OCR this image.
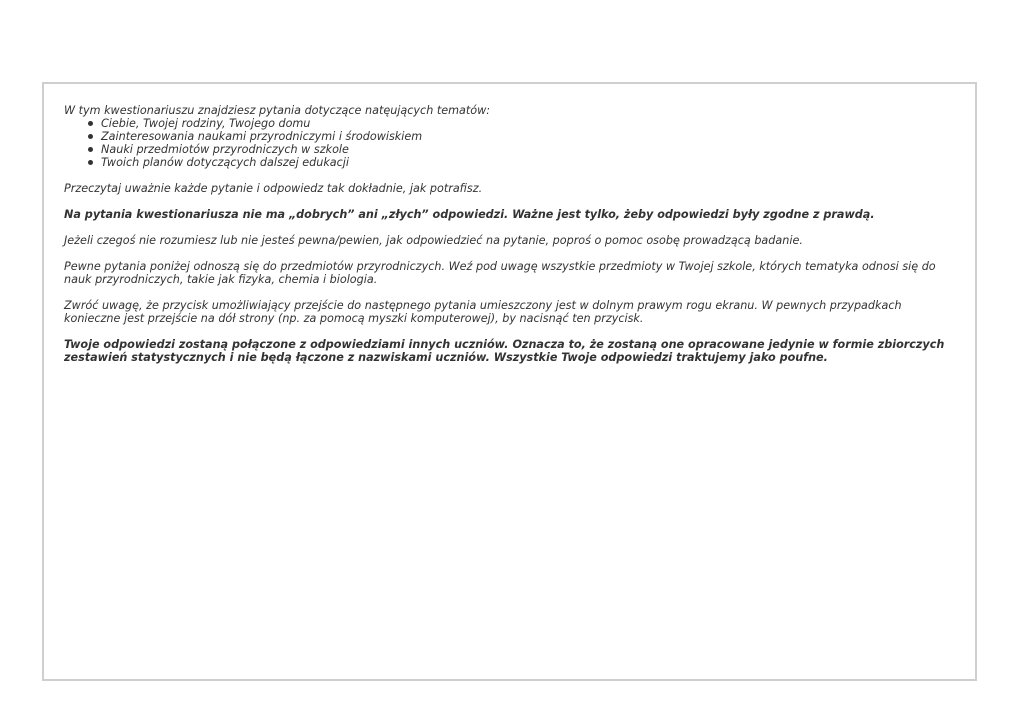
W tym kwestionariuszu znajdziesz pytania dotyczące natęujących tematów:

Ciebie, Twojej rodziny, Twojego domu
Zainteresowania naukami przyrodniczymi i środowiskiem
Nauki przedmiotów przyrodniczych w szkole
Twoich planów dotyczących dalszej edukacji

Przeczytaj uważnie każde pytanie i odpowiedz tak dokładnie, jak potrafisz.

Na pytania kwestionariusza nie ma „dobrych” ani „złych” odpowiedzi. Ważne jest tylko, żeby odpowiedzi były zgodne z prawdą.

Jeżeli czegoś nie rozumiesz lub nie jesteś pewna/pewien, jak odpowiedzieć na pytanie, poproś o pomoc osobę prowadzącą badanie.

Pewne pytania poniżej odnoszą się do przedmiotów przyrodniczych. Weź pod uwagę wszystkie przedmioty w Twojej szkole, których tematyka odnosi się do nauk przyrodniczych, takie jak fizyka, chemia i biologia.

Zwróć uwagę, że przycisk umożliwiający przejście do następnego pytania umieszczony jest w dolnym prawym rogu ekranu. W pewnych przypadkach konieczne jest przejście na dół strony (np. za pomocą myszki komputerowej), by nacisnąć ten przycisk.

Twoje odpowiedzi zostaną połączone z odpowiedziami innych uczniów. Oznacza to, że zostaną one opracowane jedynie w formie zbiorczych zestawień statystycznych i nie będą łączone z nazwiskami uczniów. Wszystkie Twoje odpowiedzi traktujemy jako poufne.
